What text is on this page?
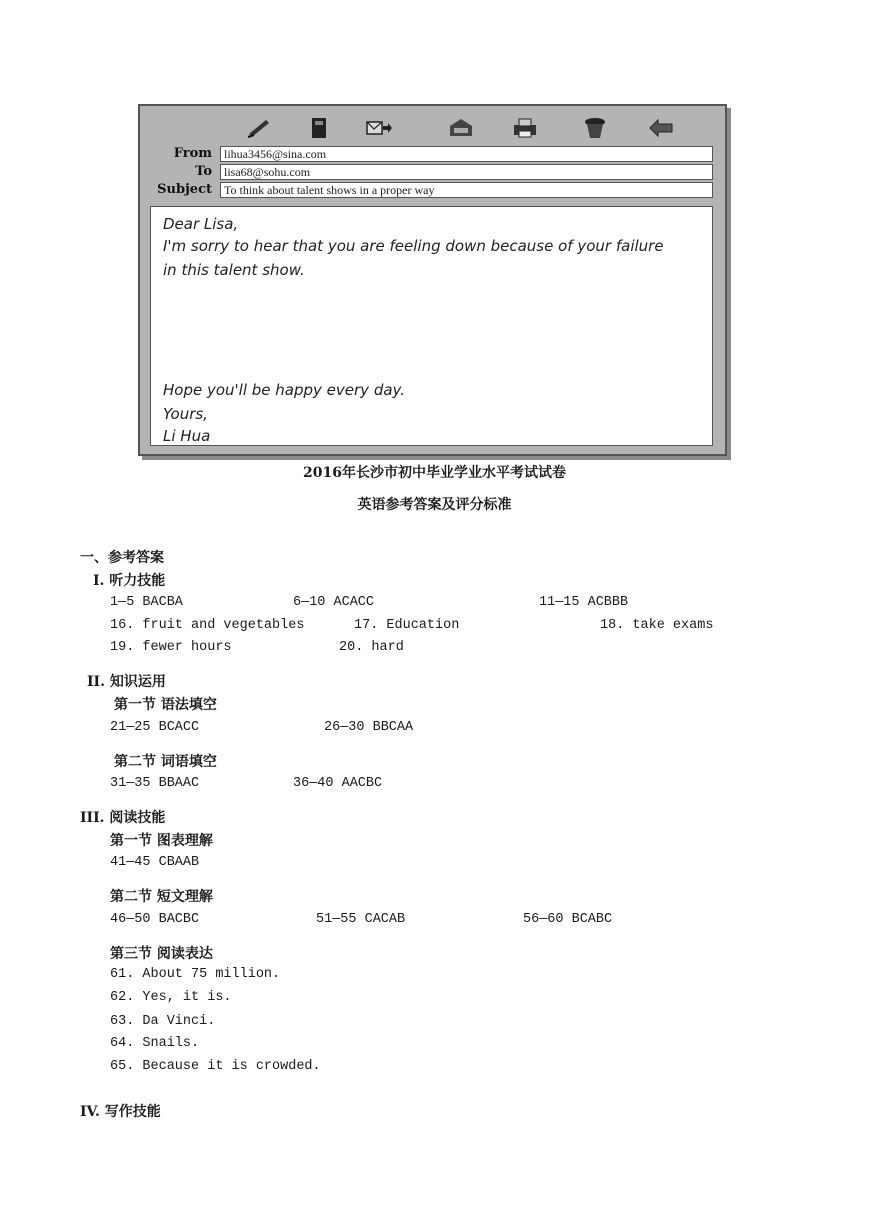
From	lihua3456@sina.com
To	lisa68@sohu.com
Subject	To think about talent shows in a proper way
Dear Lisa,
I'm sorry to hear that you are feeling down because of your failure
in this talent show.
Hope you'll be happy every day.
Yours,
Li Hua
2016年长沙市初中毕业学业水平考试试卷
英语参考答案及评分标准
一、参考答案
I. 听力技能
1—5 BACBA	6—10 ACACC	11—15 ACBBB
16. fruit and vegetables	17. Education	18. take exams
19. fewer hours	20. hard
II. 知识运用
第一节 语法填空
21—25 BCACC	26—30 BBCAA
第二节 词语填空
31—35 BBAAC	36—40 AACBC
III. 阅读技能
第一节 图表理解
41—45 CBAAB
第二节 短文理解
46—50 BACBC	51—55 CACAB	56—60 BCABC
第三节 阅读表达
61. About 75 million.
62. Yes, it is.
63. Da Vinci.
64. Snails.
65. Because it is crowded.
IV. 写作技能
